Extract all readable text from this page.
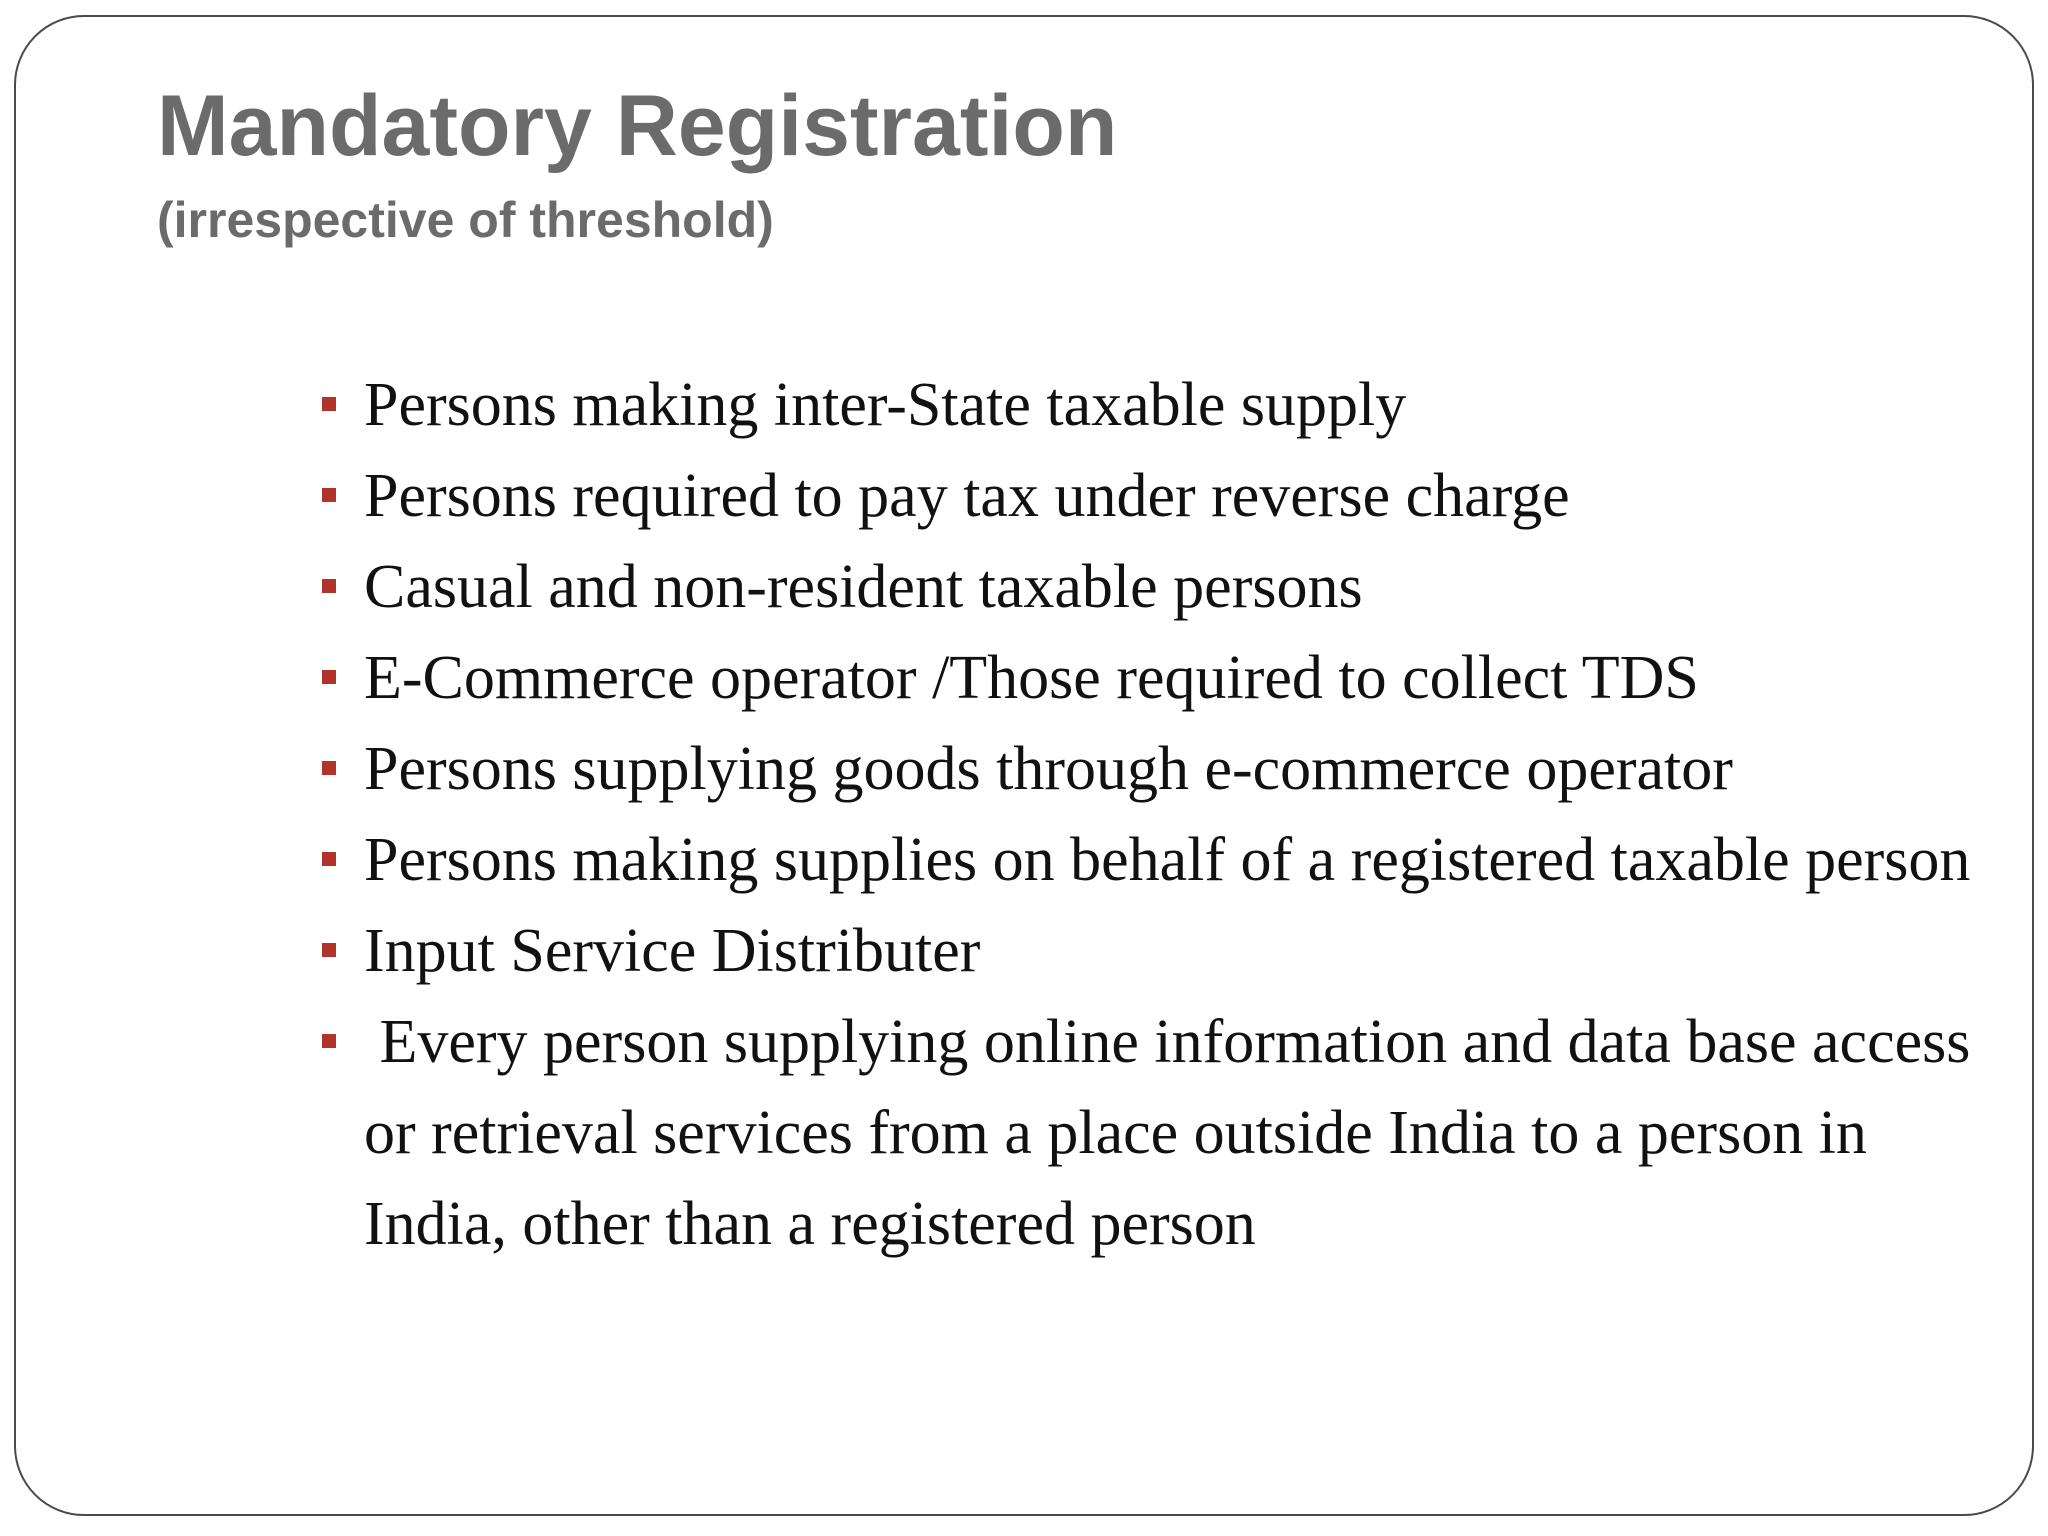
Mandatory Registration
(irrespective of threshold)
Persons making inter-State taxable supply
Persons required to pay tax under reverse charge
Casual and non-resident taxable persons
E-Commerce operator /Those required to collect TDS
Persons supplying goods through e-commerce operator
Persons making supplies on behalf of a registered taxable person
Input Service Distributer
Every person supplying online information and data base access or retrieval services from a place outside India to a person in India, other than a registered person
